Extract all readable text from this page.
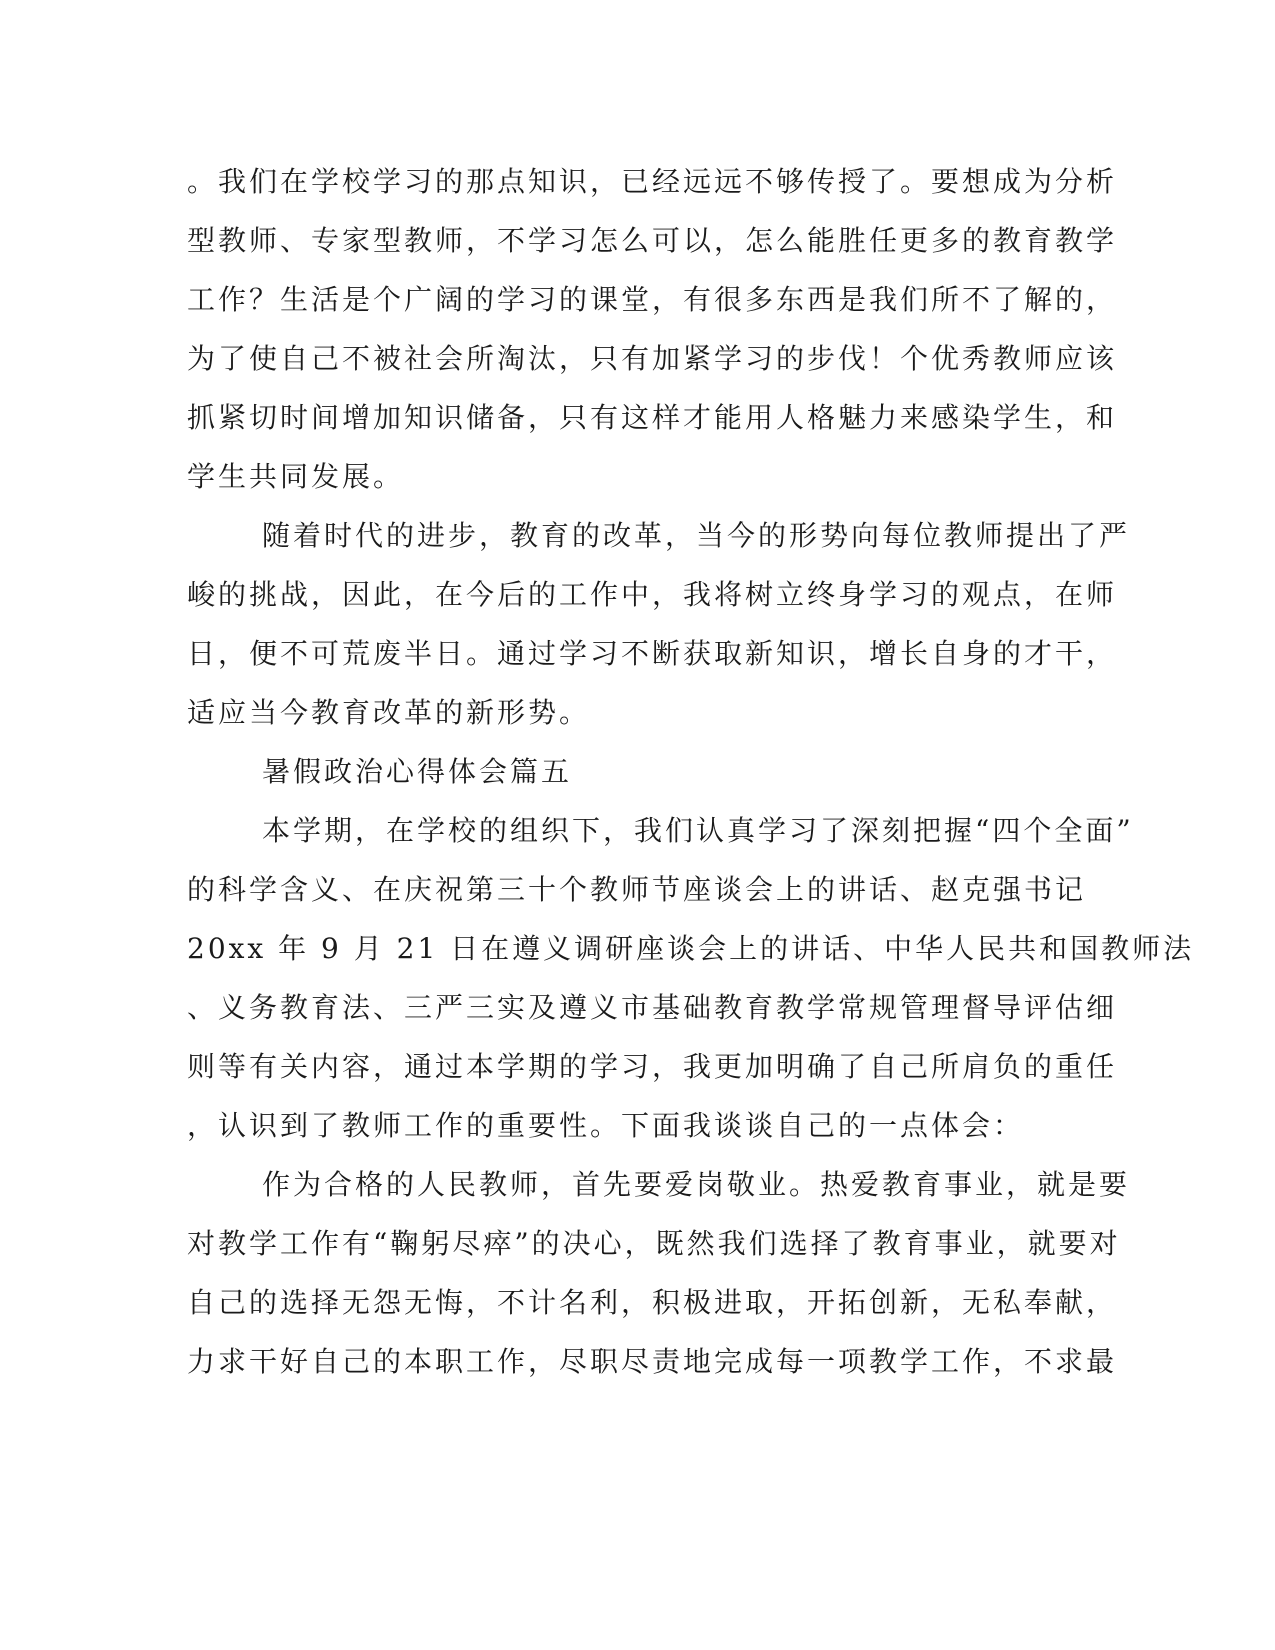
。我们在学校学习的那点知识，已经远远不够传授了。要想成为分析
型教师、专家型教师，不学习怎么可以，怎么能胜任更多的教育教学
工作？生活是个广阔的学习的课堂，有很多东西是我们所不了解的，
为了使自己不被社会所淘汰，只有加紧学习的步伐！个优秀教师应该
抓紧切时间增加知识储备，只有这样才能用人格魅力来感染学生，和
学生共同发展。
随着时代的进步，教育的改革，当今的形势向每位教师提出了严
峻的挑战，因此，在今后的工作中，我将树立终身学习的观点，在师
日，便不可荒废半日。通过学习不断获取新知识，增长自身的才干，
适应当今教育改革的新形势。
暑假政治心得体会篇五
本学期，在学校的组织下，我们认真学习了深刻把握“四个全面”
的科学含义、在庆祝第三十个教师节座谈会上的讲话、赵克强书记
20xx 年 9 月 21 日在遵义调研座谈会上的讲话、中华人民共和国教师法
、义务教育法、三严三实及遵义市基础教育教学常规管理督导评估细
则等有关内容，通过本学期的学习，我更加明确了自己所肩负的重任
，认识到了教师工作的重要性。下面我谈谈自己的一点体会：
作为合格的人民教师，首先要爱岗敬业。热爱教育事业，就是要
对教学工作有“鞠躬尽瘁”的决心，既然我们选择了教育事业，就要对
自己的选择无怨无悔，不计名利，积极进取，开拓创新，无私奉献，
力求干好自己的本职工作，尽职尽责地完成每一项教学工作，不求最
